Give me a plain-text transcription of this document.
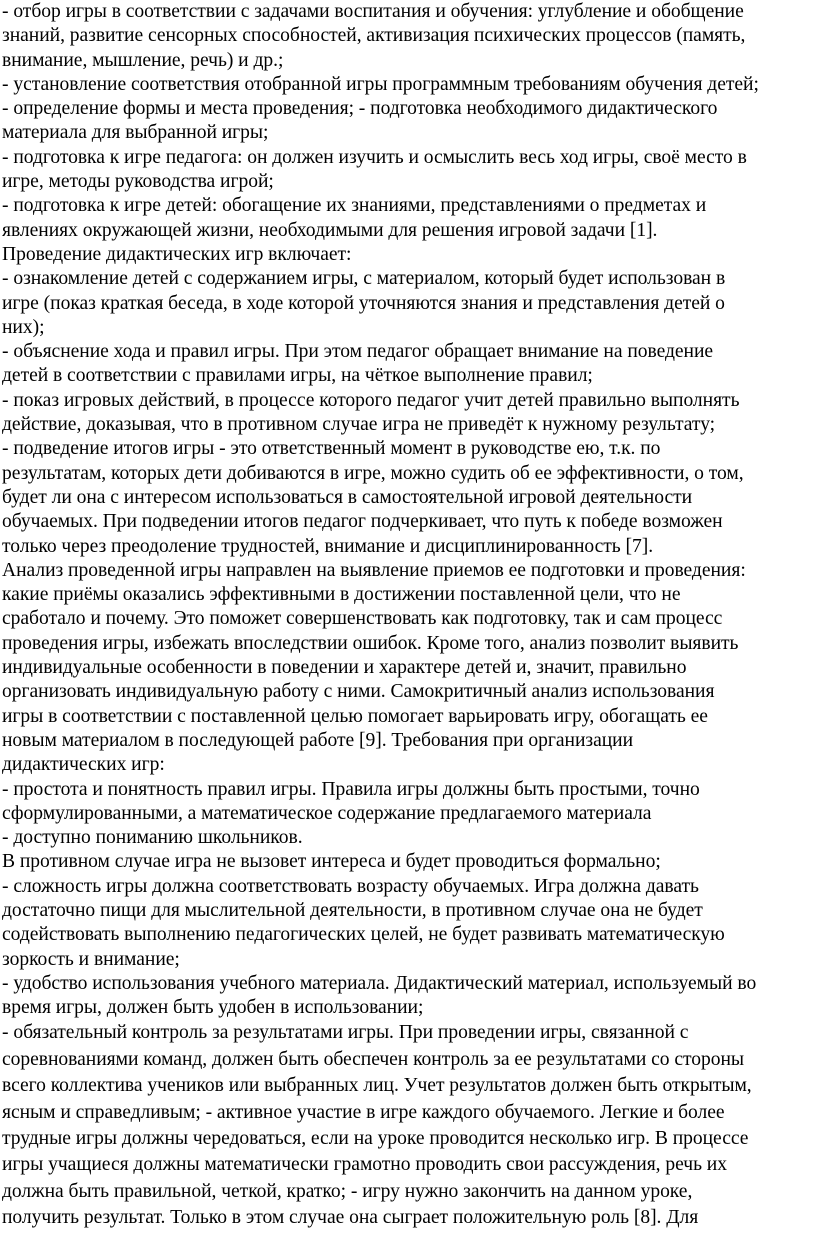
- отбор игры в соответствии с задачами воспитания и обучения: углубление и обобщение
знаний, развитие сенсорных способностей, активизация психических процессов (память,
внимание, мышление, речь) и др.;
- установление соответствия отобранной игры программным требованиям обучения детей;
- определение формы и места проведения; - подготовка необходимого дидактического
материала для выбранной игры;
- подготовка к игре педагога: он должен изучить и осмыслить весь ход игры, своё место в
игре, методы руководства игрой;
- подготовка к игре детей: обогащение их знаниями, представлениями о предметах и
явлениях окружающей жизни, необходимыми для решения игровой задачи [1].
Проведение дидактических игр включает:
- ознакомление детей с содержанием игры, с материалом, который будет использован в
игре (показ краткая беседа, в ходе которой уточняются знания и представления детей о
них);
- объяснение хода и правил игры. При этом педагог обращает внимание на поведение
детей в соответствии с правилами игры, на чёткое выполнение правил;
- показ игровых действий, в процессе которого педагог учит детей правильно выполнять
действие, доказывая, что в противном случае игра не приведёт к нужному результату;
- подведение итогов игры - это ответственный момент в руководстве ею, т.к. по
результатам, которых дети добиваются в игре, можно судить об ее эффективности, о том,
будет ли она с интересом использоваться в самостоятельной игровой деятельности
обучаемых. При подведении итогов педагог подчеркивает, что путь к победе возможен
только через преодоление трудностей, внимание и дисциплинированность [7].
Анализ проведенной игры направлен на выявление приемов ее подготовки и проведения:
какие приёмы оказались эффективными в достижении поставленной цели, что не
сработало и почему. Это поможет совершенствовать как подготовку, так и сам процесс
проведения игры, избежать впоследствии ошибок. Кроме того, анализ позволит выявить
индивидуальные особенности в поведении и характере детей и, значит, правильно
организовать индивидуальную работу с ними. Самокритичный анализ использования
игры в соответствии с поставленной целью помогает варьировать игру, обогащать ее
новым материалом в последующей работе [9]. Требования при организации
дидактических игр:
- простота и понятность правил игры. Правила игры должны быть простыми, точно
сформулированными, а математическое содержание предлагаемого материала
- доступно пониманию школьников.
В противном случае игра не вызовет интереса и будет проводиться формально;
- сложность игры должна соответствовать возрасту обучаемых. Игра должна давать
достаточно пищи для мыслительной деятельности, в противном случае она не будет
содействовать выполнению педагогических целей, не будет развивать математическую
зоркость и внимание;
- удобство использования учебного материала. Дидактический материал, используемый во
время игры, должен быть удобен в использовании;
- обязательный контроль за результатами игры. При проведении игры, связанной с
соревнованиями команд, должен быть обеспечен контроль за ее результатами со стороны
всего коллектива учеников или выбранных лиц. Учет результатов должен быть открытым,
ясным и справедливым; - активное участие в игре каждого обучаемого. Легкие и более
трудные игры должны чередоваться, если на уроке проводится несколько игр. В процессе
игры учащиеся должны математически грамотно проводить свои рассуждения, речь их
должна быть правильной, четкой, кратко; - игру нужно закончить на данном уроке,
получить результат. Только в этом случае она сыграет положительную роль [8]. Для
